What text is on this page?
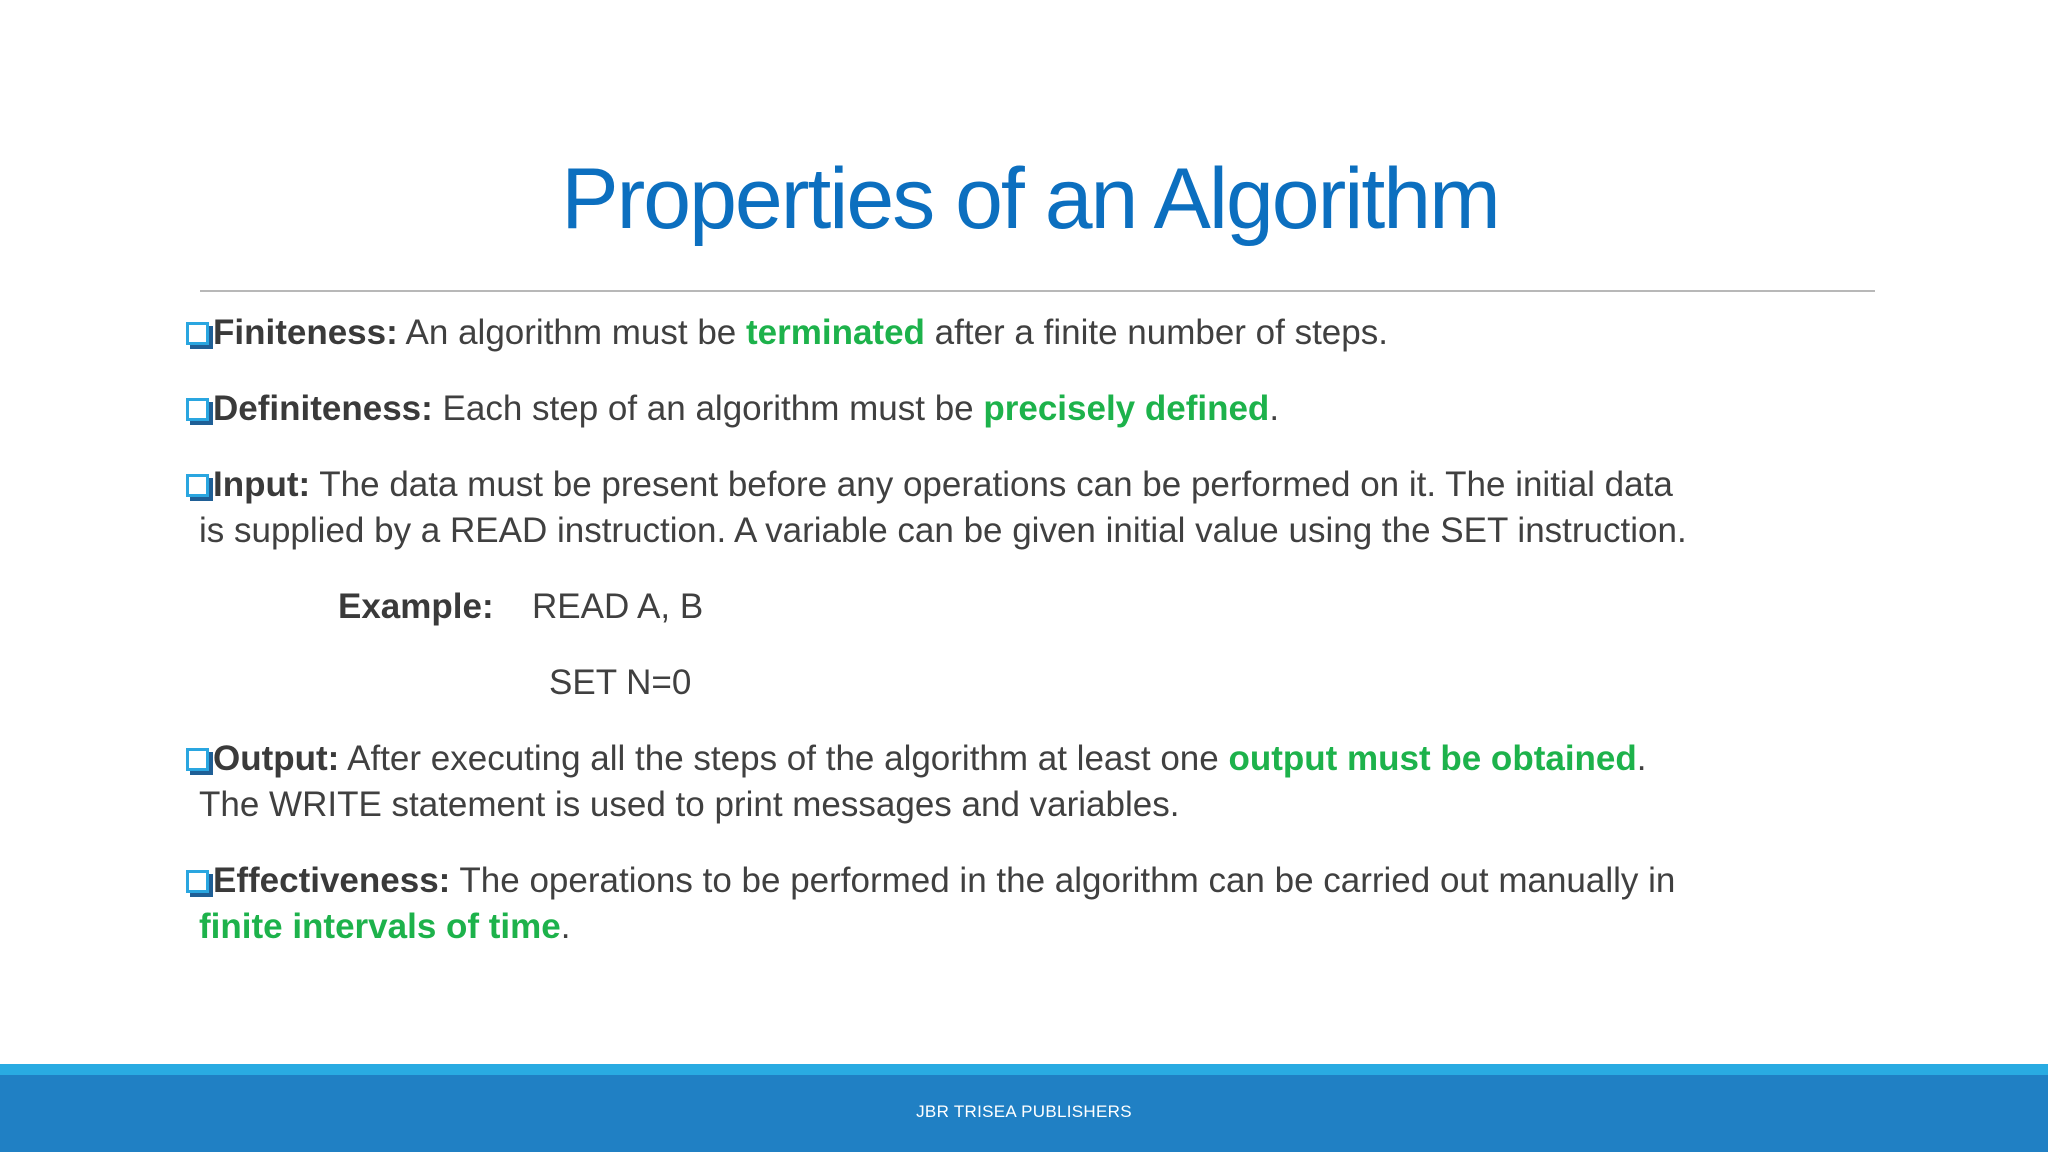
Properties of an Algorithm
Finiteness: An algorithm must be terminated after a finite number of steps.
Definiteness: Each step of an algorithm must be precisely defined.
Input: The data must be present before any operations can be performed on it. The initial data
is supplied by a READ instruction. A variable can be given initial value using the SET instruction.
Example: READ A, B
SET N=0
Output: After executing all the steps of the algorithm at least one output must be obtained.
The WRITE statement is used to print messages and variables.
Effectiveness: The operations to be performed in the algorithm can be carried out manually in
finite intervals of time.
JBR TRISEA PUBLISHERS
